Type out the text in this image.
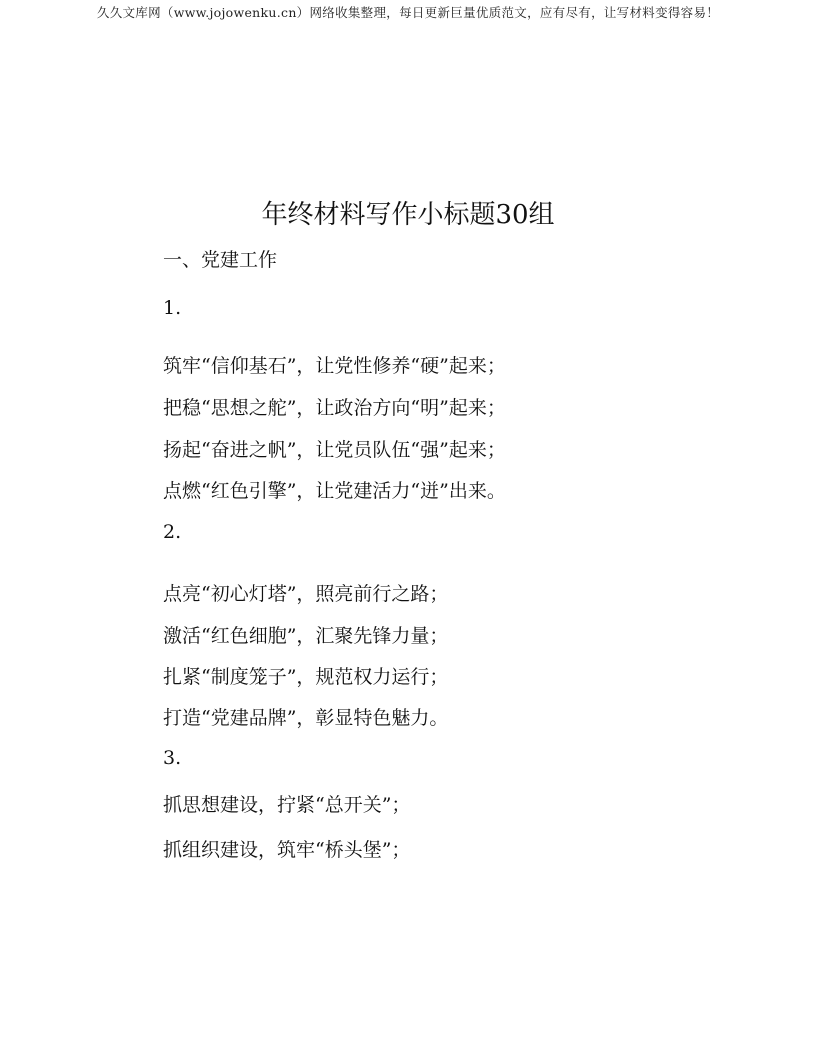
久久文库网（www.jojowenku.cn）网络收集整理，每日更新巨量优质范文，应有尽有，让写材料变得容易！
年终材料写作小标题30组
一、党建工作
1.
筑牢“信仰基石”，让党性修养“硬”起来；
把稳“思想之舵”，让政治方向“明”起来；
扬起“奋进之帆”，让党员队伍“强”起来；
点燃“红色引擎”，让党建活力“迸”出来。
2.
点亮“初心灯塔”，照亮前行之路；
激活“红色细胞”，汇聚先锋力量；
扎紧“制度笼子”，规范权力运行；
打造“党建品牌”，彰显特色魅力。
3.
抓思想建设，拧紧“总开关”；
抓组织建设，筑牢“桥头堡”；
